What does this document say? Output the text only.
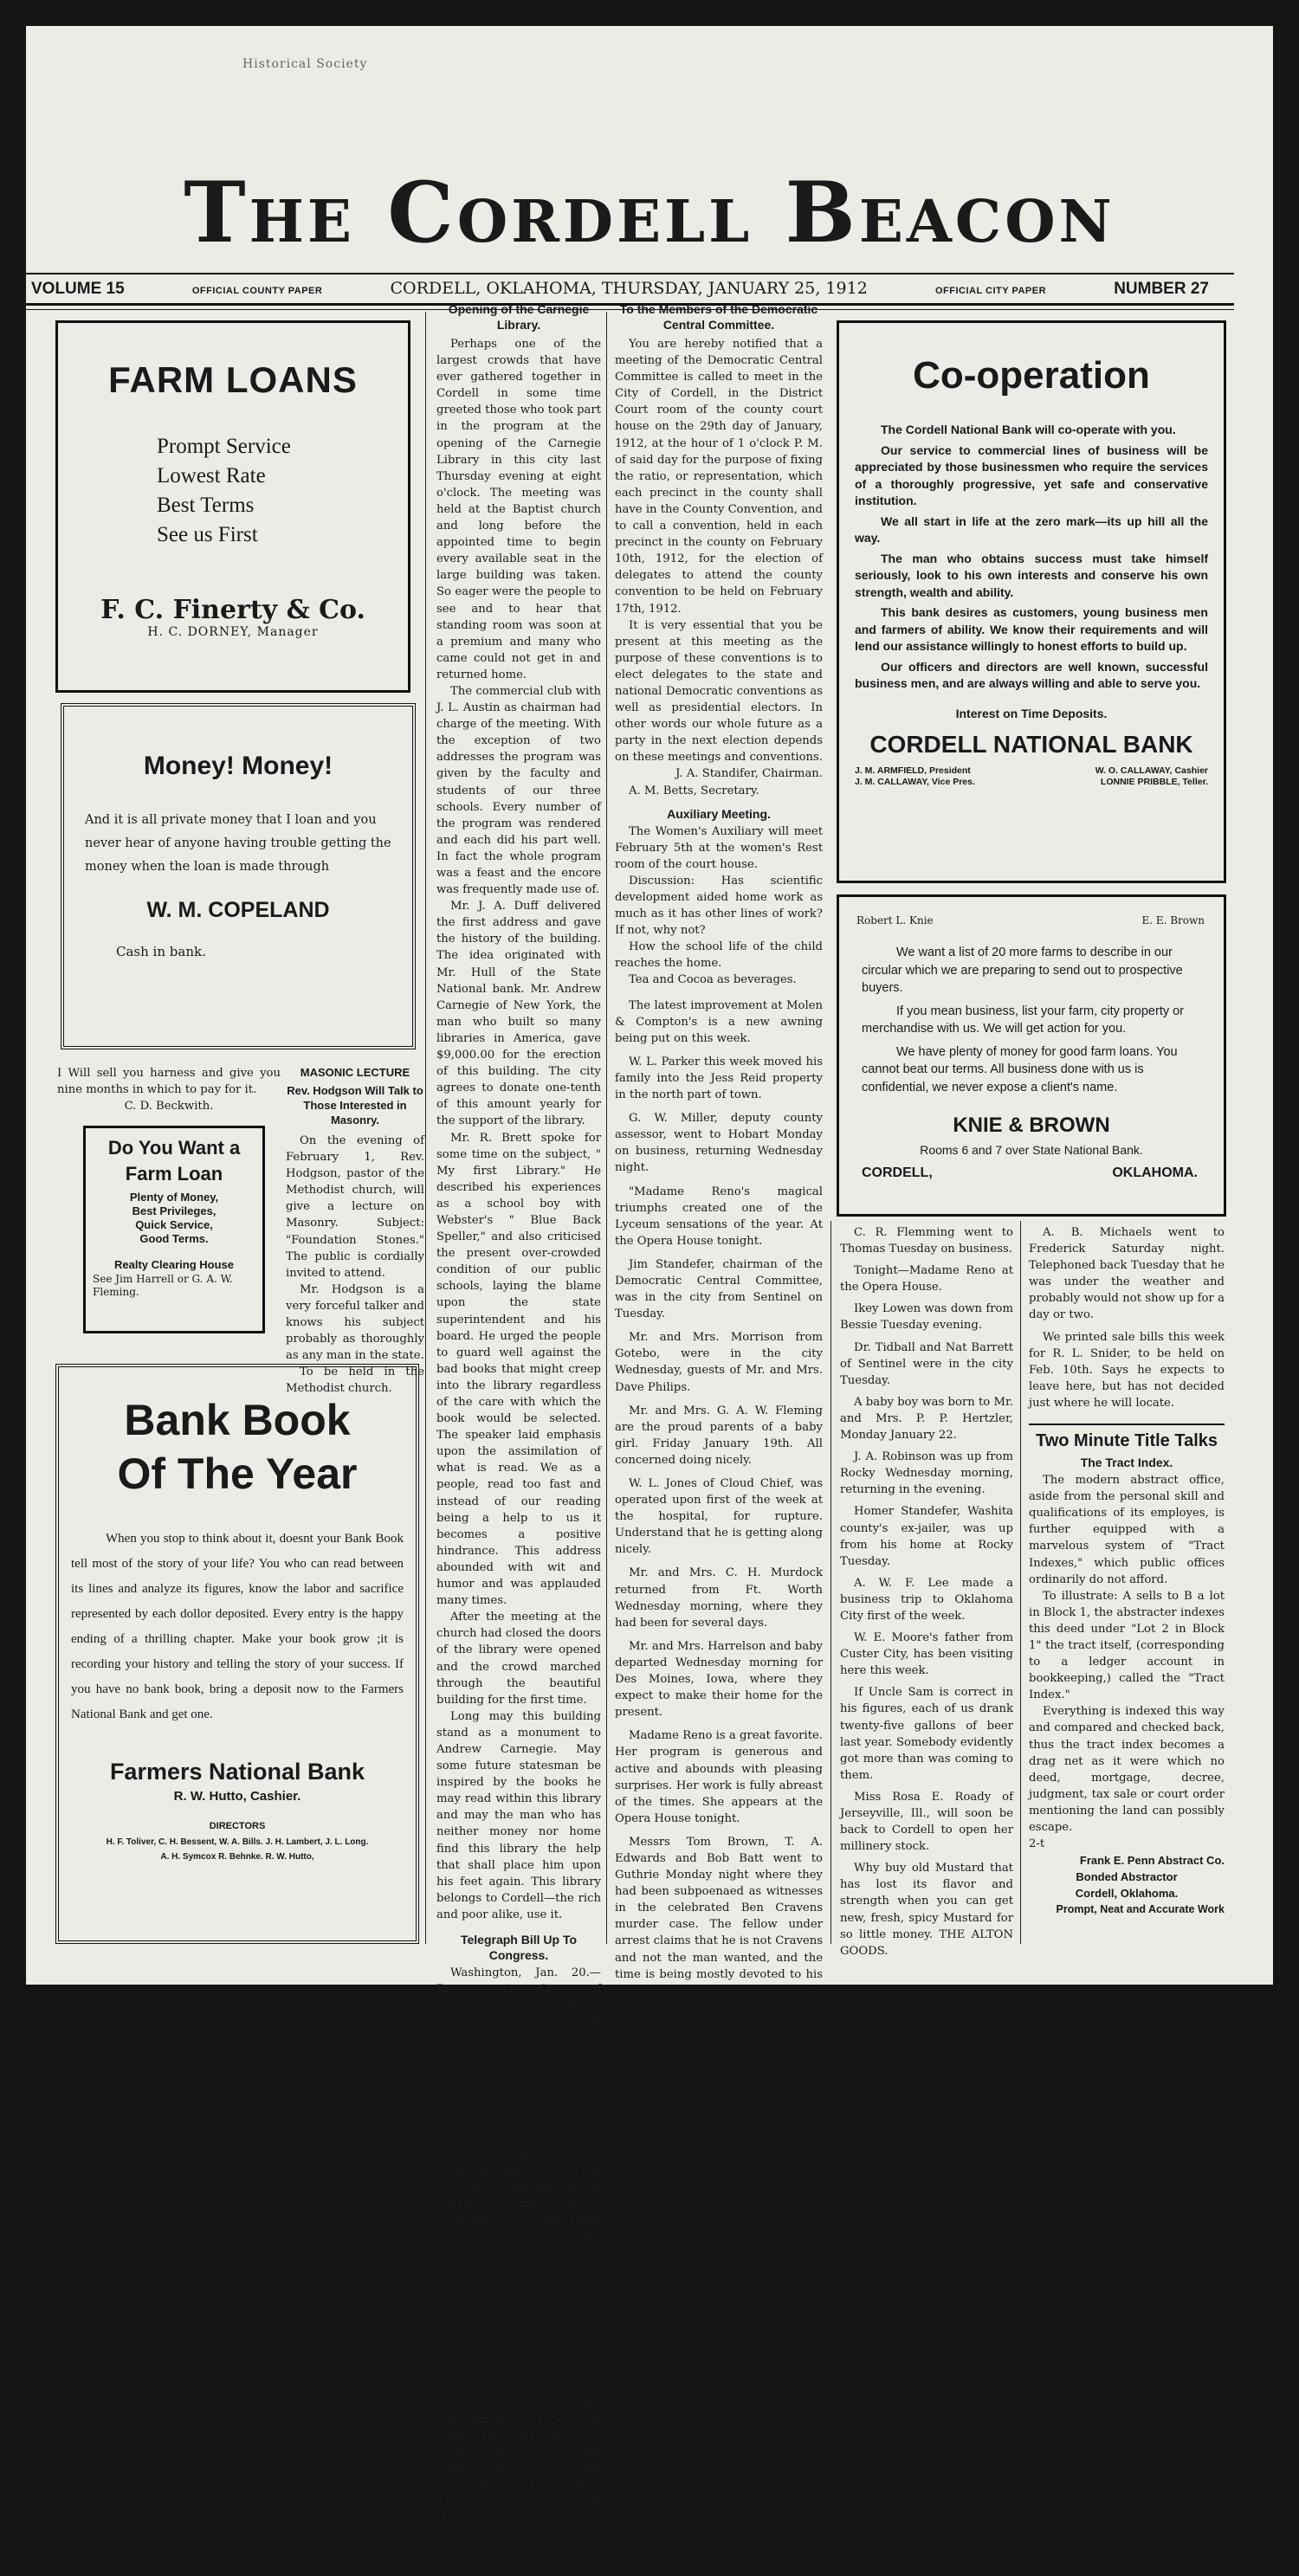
Historical Society
The Cordell Beacon
VOLUME 15	OFFICIAL COUNTY PAPER	CORDELL, OKLAHOMA, THURSDAY, JANUARY 25, 1912	OFFICIAL CITY PAPER	NUMBER 27
FARM LOANS
Prompt Service
Lowest Rate
Best Terms
See us First
F. C. Finerty & Co.
H. C. DORNEY, Manager
Money! Money!
And it is all private money that I loan and you never hear of anyone having trouble getting the money when the loan is made through
W. M. COPELAND
Cash in bank.
I Will sell you harness and give you nine months in which to pay for it.
C. D. Beckwith.
Do You Want a
Farm Loan
Plenty of Money,
Best Privileges,
Quick Service,
Good Terms.
Realty Clearing House
See Jim Harrell or G. A. W. Fleming.
MASONIC LECTURE
Rev. Hodgson Will Talk to Those Interested in Masonry.

On the evening of February 1, Rev. Hodgson, pastor of the Methodist church, will give a lecture on Masonry. Subject: "Foundation Stones." The public is cordially invited to attend.

Mr. Hodgson is a very forceful talker and knows his subject probably as thoroughly as any man in the state.

To be held in the Methodist church.

Bank Book
Of The Year
When you stop to think about it, doesnt your Bank Book tell most of the story of your life? You who can read between its lines and analyze its figures, know the labor and sacrifice represented by each dollor deposited. Every entry is the happy ending of a thrilling chapter. Make your book grow ;it is recording your history and telling the story of your success. If you have no bank book, bring a deposit now to the Farmers National Bank and get one.
Farmers National Bank
R. W. Hutto, Cashier.
DIRECTORS
H. F. Toliver, C. H. Bessent, W. A. Bills. J. H. Lambert, J. L. Long.
A. H. Symcox R. Behnke. R. W. Hutto,
Opening of the Carnegie Library.

Perhaps one of the largest crowds that have ever gathered together in Cordell in some time greeted those who took part in the program at the opening of the Carnegie Library in this city last Thursday evening at eight o'clock. The meeting was held at the Baptist church and long before the appointed time to begin every available seat in the large building was taken. So eager were the people to see and to hear that standing room was soon at a premium and many who came could not get in and returned home.

The commercial club with J. L. Austin as chairman had charge of the meeting. With the exception of two addresses the program was given by the faculty and students of our three schools. Every number of the program was rendered and each did his part well. In fact the whole program was a feast and the encore was frequently made use of.

Mr. J. A. Duff delivered the first address and gave the history of the building. The idea originated with Mr. Hull of the State National bank. Mr. Andrew Carnegie of New York, the man who built so many libraries in America, gave $9,000.00 for the erection of this building. The city agrees to donate one-tenth of this amount yearly for the support of the library.

Mr. R. Brett spoke for some time on the subject, " My first Library." He described his experiences as a school boy with Webster's " Blue Back Speller," and also criticised the present over-crowded condition of our public schools, laying the blame upon the state superintendent and his board. He urged the people to guard well against the bad books that might creep into the library regardless of the care with which the book would be selected. The speaker laid emphasis upon the assimilation of what is read. We as a people, read too fast and instead of our reading being a help to us it becomes a positive hindrance. This address abounded with wit and humor and was applauded many times.

After the meeting at the church had closed the doors of the library were opened and the crowd marched through the beautiful building for the first time.

Long may this building stand as a monument to Andrew Carnegie. May some future statesman be inspired by the books he may read within this library and may the man who has neither money nor home find this library the help that shall place him upon his feet again. This library belongs to Cordell—the rich and poor alike, use it.

Telegraph Bill Up To Congress.

Washington, Jan. 20.—Representative Carey, of Wisconsin, a republican, Saturday introduced a bill providing for government ownership of telegraph lines, a project recently urged by Postmaster General Hitchcock. It was referred to the postoffice committee. The bill would place the telegraph systems under the supervision of the postoffice department in charge of a commissioner of telegraphs to be appointed in the same manner as the assistant postmasters general.

The bill would provide that the appraise at the bona fide market interstate commerce commission all the telegraph properties engaged in interstate commerce, the attorney general then to begin condemnation proceedings against the companies.

The measure would stipulate that wages should not be increased more than 15 per cent over those paid the year preceding government acquisition and would bar any immediate decrease of telegraph tolls.

To the Members of the Democratic Central Committee.

You are hereby notified that a meeting of the Democratic Central Committee is called to meet in the City of Cordell, in the District Court room of the county court house on the 29th day of January, 1912, at the hour of 1 o'clock P. M. of said day for the purpose of fixing the ratio, or representation, which each precinct in the county shall have in the County Convention, and to call a convention, held in each precinct in the county on February 10th, 1912, for the election of delegates to attend the county convention to be held on February 17th, 1912.

It is very essential that you be present at this meeting as the purpose of these conventions is to elect delegates to the state and national Democratic conventions as well as presidential electors. In other words our whole future as a party in the next election depends on these meetings and conventions.

J. A. Standifer, Chairman.
A. M. Betts, Secretary.
Auxiliary Meeting.

The Women's Auxiliary will meet February 5th at the women's Rest room of the court house.

Discussion: Has scientific development aided home work as much as it has other lines of work? If not, why not?

How the school life of the child reaches the home.

Tea and Cocoa as beverages.

The latest improvement at Molen & Compton's is a new awning being put on this week.

W. L. Parker this week moved his family into the Jess Reid property in the north part of town.

G. W. Miller, deputy county assessor, went to Hobart Monday on business, returning Wednesday night.

"Madame Reno's magical triumphs created one of the Lyceum sensations of the year. At the Opera House tonight.

Jim Standefer, chairman of the Democratic Central Committee, was in the city from Sentinel on Tuesday.

Mr. and Mrs. Morrison from Gotebo, were in the city Wednesday, guests of Mr. and Mrs. Dave Philips.

Mr. and Mrs. G. A. W. Fleming are the proud parents of a baby girl. Friday January 19th. All concerned doing nicely.

W. L. Jones of Cloud Chief, was operated upon first of the week at the hospital, for rupture. Understand that he is getting along nicely.

Mr. and Mrs. C. H. Murdock returned from Ft. Worth Wednesday morning, where they had been for several days.

Mr. and Mrs. Harrelson and baby departed Wednesday morning for Des Moines, Iowa, where they expect to make their home for the present.

Madame Reno is a great favorite. Her program is generous and active and abounds with pleasing surprises. Her work is fully abreast of the times. She appears at the Opera House tonight.

Messrs Tom Brown, T. A. Edwards and Bob Batt went to Guthrie Monday night where they had been subpoenaed as witnesses in the celebrated Ben Cravens murder case. The fellow under arrest claims that he is not Cravens and not the man wanted, and the time is being mostly devoted to his identification. A dozen or so have positively identified him as Cravens. Several others claim that he is not the man.

Co-operation
The Cordell National Bank will co-operate with you.
Our service to commercial lines of business will be appreciated by those businessmen who require the services of a thoroughly progressive, yet safe and conservative institution.
We all start in life at the zero mark—its up hill all the way.
The man who obtains success must take himself seriously, look to his own interests and conserve his own strength, wealth and ability.
This bank desires as customers, young business men and farmers of ability. We know their requirements and will lend our assistance willingly to honest efforts to build up.
Our officers and directors are well known, successful business men, and are always willing and able to serve you.
Interest on Time Deposits.
CORDELL NATIONAL BANK
J. M. ARMFIELD, President	W. O. CALLAWAY, Cashier
J. M. CALLAWAY, Vice Pres.	LONNIE PRIBBLE, Teller.
Robert L. Knie	E. E. Brown
We want a list of 20 more farms to describe in our circular which we are preparing to send out to prospective buyers.
If you mean business, list your farm, city property or merchandise with us. We will get action for you.
We have plenty of money for good farm loans. You cannot beat our terms. All business done with us is confidential, we never expose a client's name.
KNIE & BROWN
Rooms 6 and 7 over State National Bank.
CORDELL,	OKLAHOMA.

C. R. Flemming went to Thomas Tuesday on business.

Tonight—Madame Reno at the Opera House.

Ikey Lowen was down from Bessie Tuesday evening.

Dr. Tidball and Nat Barrett of Sentinel were in the city Tuesday.

A baby boy was born to Mr. and Mrs. P. P. Hertzler, Monday January 22.

J. A. Robinson was up from Rocky Wednesday morning, returning in the evening.

Homer Standefer, Washita county's ex-jailer, was up from his home at Rocky Tuesday.

A. W. F. Lee made a business trip to Oklahoma City first of the week.

W. E. Moore's father from Custer City, has been visiting here this week.

If Uncle Sam is correct in his figures, each of us drank twenty-five gallons of beer last year. Somebody evidently got more than was coming to them.

Miss Rosa E. Roady of Jerseyville, Ill., will soon be back to Cordell to open her millinery stock.

Why buy old Mustard that has lost its flavor and strength when you can get new, fresh, spicy Mustard for so little money. THE ALTON GOODS.

A. B. Michaels went to Frederick Saturday night. Telephoned back Tuesday that he was under the weather and probably would not show up for a day or two.

We printed sale bills this week for R. L. Snider, to be held on Feb. 10th. Says he expects to leave here, but has not decided just where he will locate.

Two Minute Title Talks
The Tract Index.

The modern abstract office, aside from the personal skill and qualifications of its employes, is further equipped with a marvelous system of "Tract Indexes," which public offices ordinarily do not afford.

To illustrate: A sells to B a lot in Block 1, the abstracter indexes this deed under "Lot 2 in Block 1" the tract itself, (corresponding to a ledger account in bookkeeping,) called the "Tract Index."

Everything is indexed this way and compared and checked back, thus the tract index becomes a drag net as it were which no deed, mortgage, decree, judgment, tax sale or court order mentioning the land can possibly escape.

2-t
Frank E. Penn Abstract Co.
Bonded Abstractor
Cordell, Oklahoma.
Prompt, Neat and Accurate Work
